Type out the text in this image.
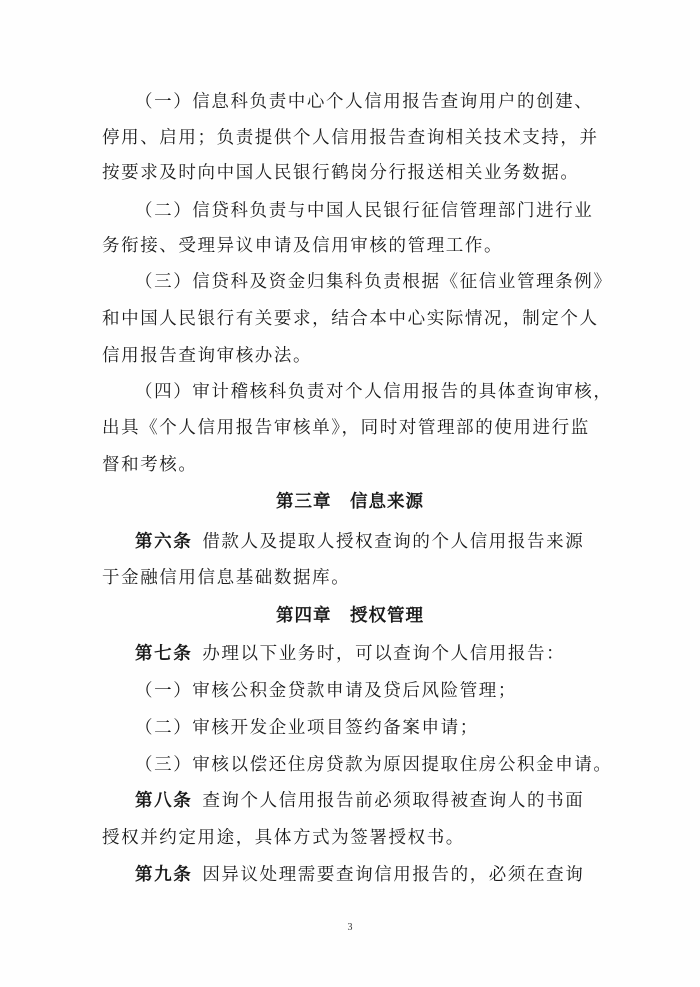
（一）信息科负责中心个人信用报告查询用户的创建、
停用、启用；负责提供个人信用报告查询相关技术支持，并
按要求及时向中国人民银行鹤岗分行报送相关业务数据。
（二）信贷科负责与中国人民银行征信管理部门进行业
务衔接、受理异议申请及信用审核的管理工作。
（三）信贷科及资金归集科负责根据《征信业管理条例》
和中国人民银行有关要求，结合本中心实际情况，制定个人
信用报告查询审核办法。
（四）审计稽核科负责对个人信用报告的具体查询审核，
出具《个人信用报告审核单》，同时对管理部的使用进行监
督和考核。
第三章　信息来源
第六条 借款人及提取人授权查询的个人信用报告来源
于金融信用信息基础数据库。
第四章　授权管理
第七条 办理以下业务时，可以查询个人信用报告：
（一）审核公积金贷款申请及贷后风险管理；
（二）审核开发企业项目签约备案申请；
（三）审核以偿还住房贷款为原因提取住房公积金申请。
第八条 查询个人信用报告前必须取得被查询人的书面
授权并约定用途，具体方式为签署授权书。
第九条 因异议处理需要查询信用报告的，必须在查询
3
